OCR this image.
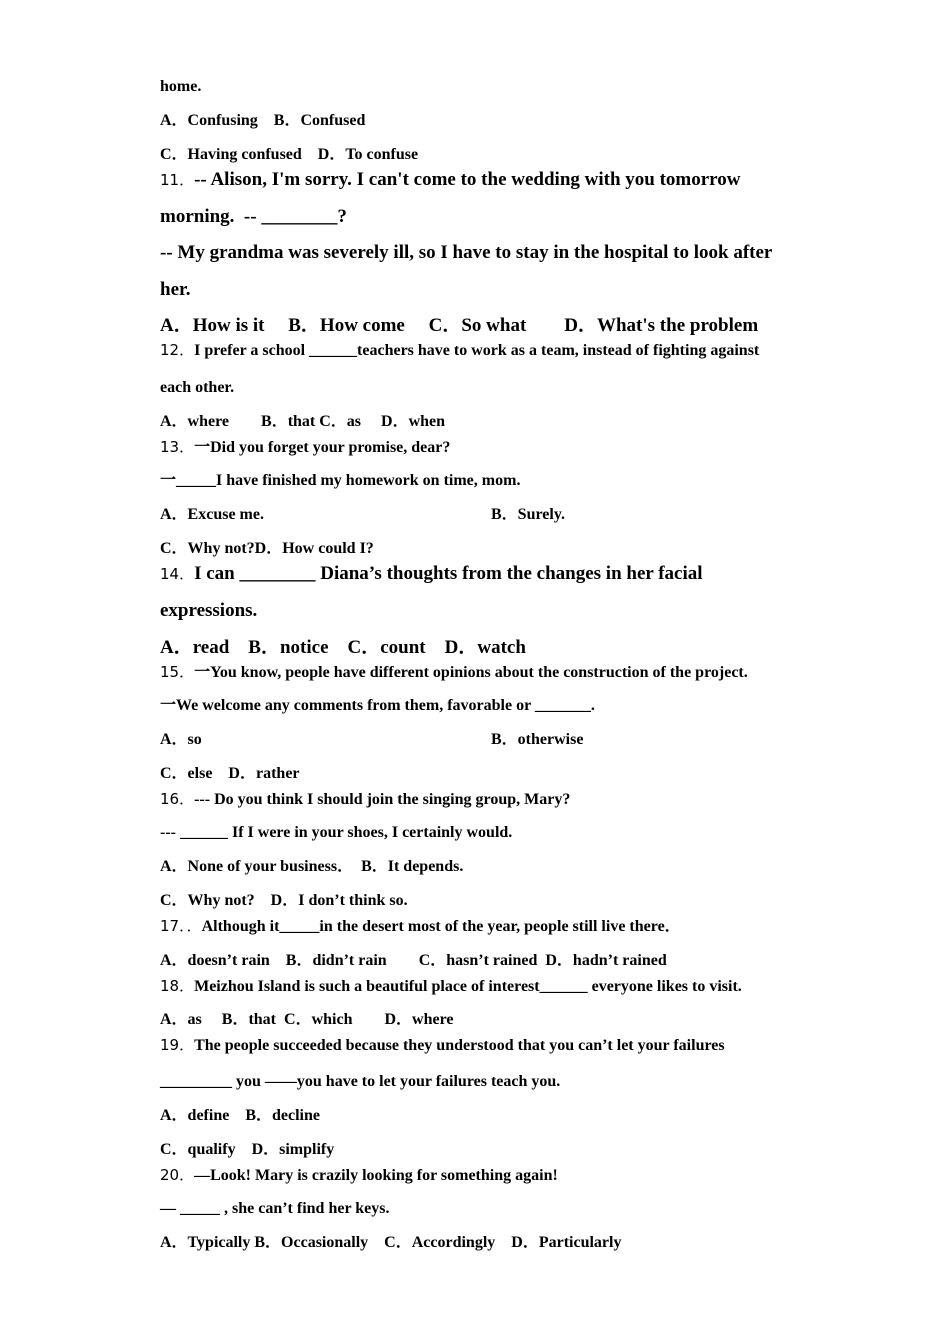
home.
A．Confusing　B．Confused
C．Having confused　D．To confuse
11．-- Alison, I'm sorry. I can't come to the wedding with you tomorrow
morning.  -- ________?
-- My grandma was severely ill, so I have to stay in the hospital to look after
her.
A．How is it　 B．How come　 C．So what　　D．What's the problem
12．I prefer a school ______teachers have to work as a team, instead of fighting against
each other.
A．where　　B．that C．as　 D．when
13．一Did you forget your promise, dear?
一_____I have finished my homework on time, mom.
A．Excuse me.	B．Surely.
C．Why not?D．How could I?
14．I can ________ Diana’s thoughts from the changes in her facial
expressions.
A．read　B．notice　C．count　D．watch
15．一You know, people have different opinions about the construction of the project.
一We welcome any comments from them, favorable or _______.
A．so	B．otherwise
C．else　D．rather
16．--- Do you think I should join the singing group, Mary?
--- ______ If I were in your shoes, I certainly would.
A．None of your business．　B．It depends.
C．Why not?　D．I don’t think so.
17．．Although it_____in the desert most of the year, people still live there．
A．doesn’t rain　B．didn’t rain　　C．hasn’t rained  D．hadn’t rained
18．Meizhou Island is such a beautiful place of interest______ everyone likes to visit.
A．as　 B．that  C．which　　D．where
19．The people succeeded because they understood that you can’t let your failures
_________ you ——you have to let your failures teach you.
A．define　B．decline
C．qualify　D．simplify
20．—Look! Mary is crazily looking for something again!
— _____ , she can’t find her keys.
A．Typically B．Occasionally　C．Accordingly　D．Particularly
